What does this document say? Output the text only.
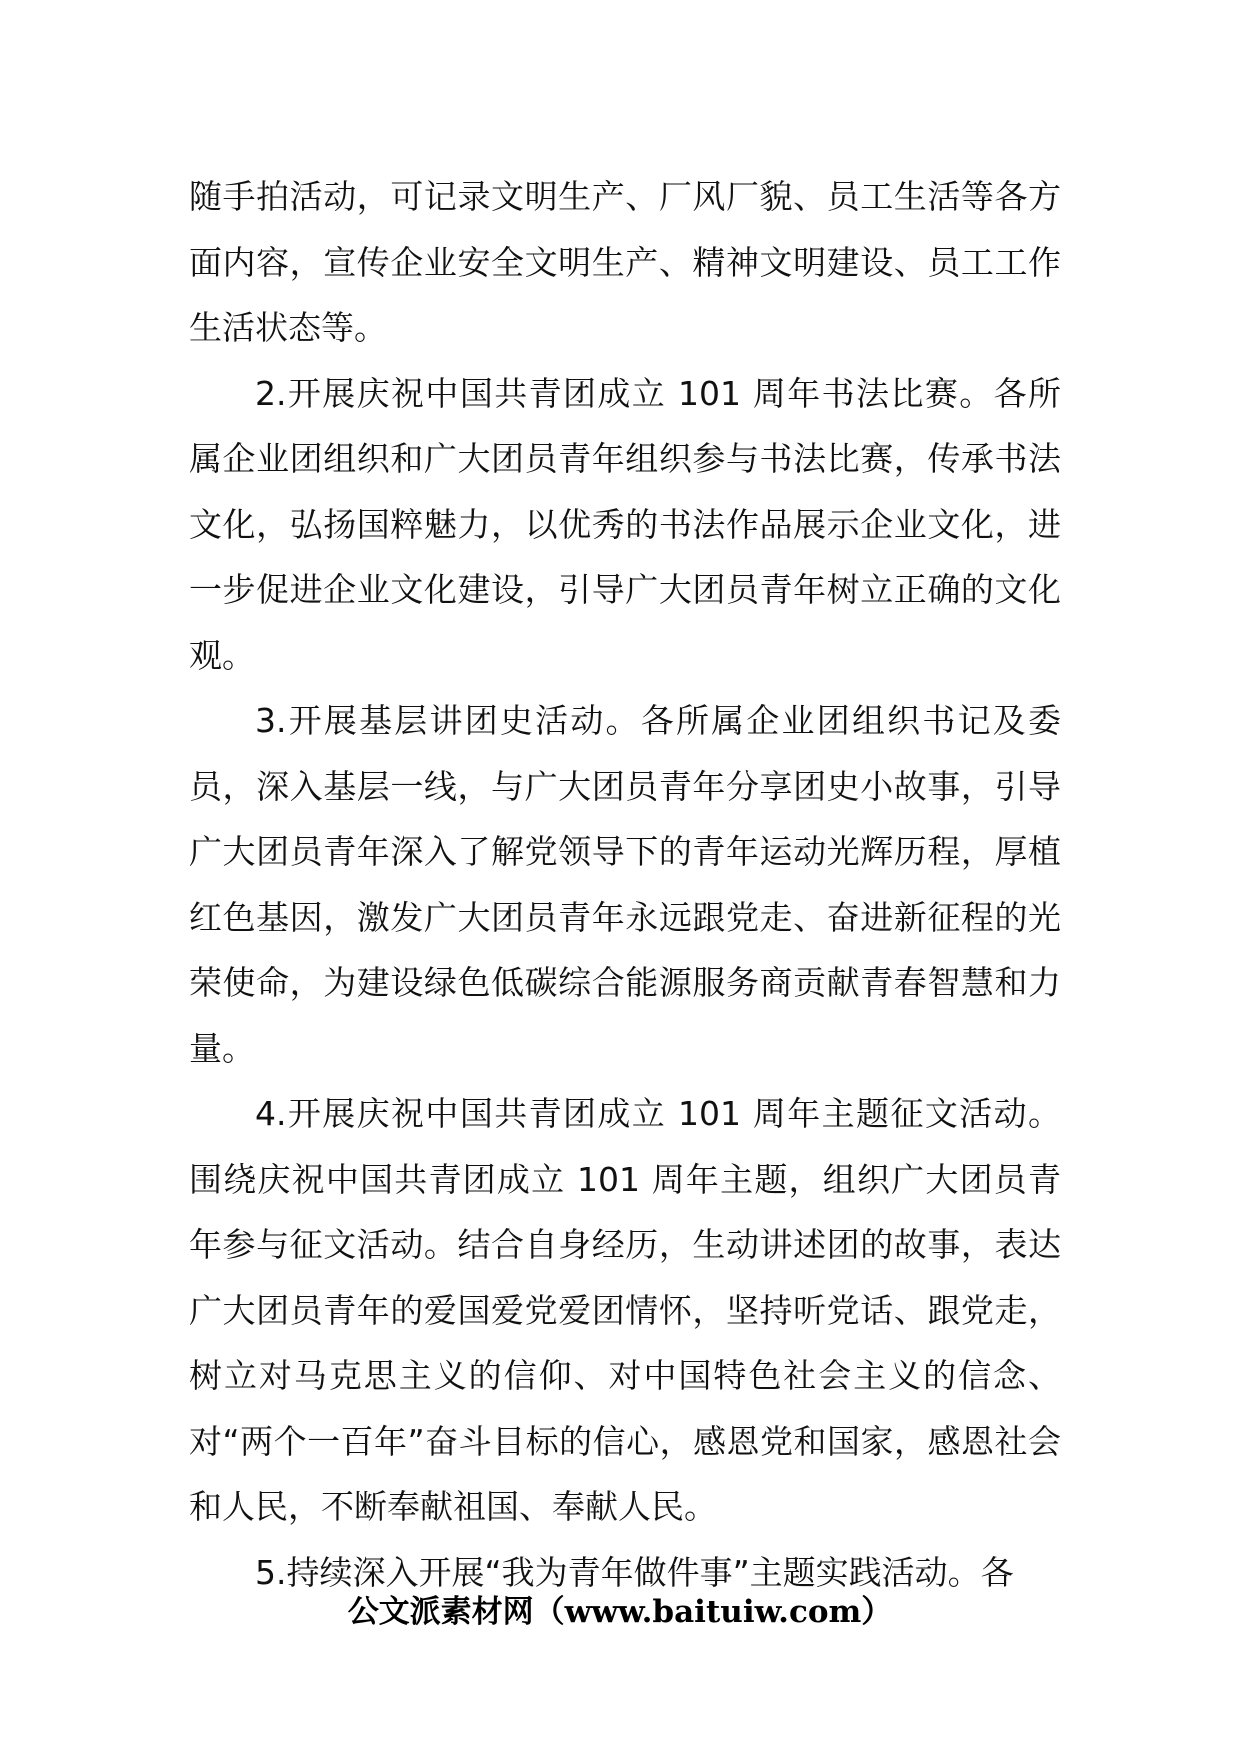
随手拍活动，可记录文明生产、厂风厂貌、员工生活等各方面内容，宣传企业安全文明生产、精神文明建设、员工工作生活状态等。

2.开展庆祝中国共青团成立 101 周年书法比赛。各所属企业团组织和广大团员青年组织参与书法比赛，传承书法文化，弘扬国粹魅力，以优秀的书法作品展示企业文化，进一步促进企业文化建设，引导广大团员青年树立正确的文化观。

3.开展基层讲团史活动。各所属企业团组织书记及委员，深入基层一线，与广大团员青年分享团史小故事，引导广大团员青年深入了解党领导下的青年运动光辉历程，厚植红色基因，激发广大团员青年永远跟党走、奋进新征程的光荣使命，为建设绿色低碳综合能源服务商贡献青春智慧和力量。

4.开展庆祝中国共青团成立 101 周年主题征文活动。围绕庆祝中国共青团成立 101 周年主题，组织广大团员青年参与征文活动。结合自身经历，生动讲述团的故事，表达广大团员青年的爱国爱党爱团情怀，坚持听党话、跟党走，树立对马克思主义的信仰、对中国特色社会主义的信念、对“两个一百年”奋斗目标的信心，感恩党和国家，感恩社会和人民，不断奉献祖国、奉献人民。

5.持续深入开展“我为青年做件事”主题实践活动。各

公文派素材网（www.baituiw.com）
